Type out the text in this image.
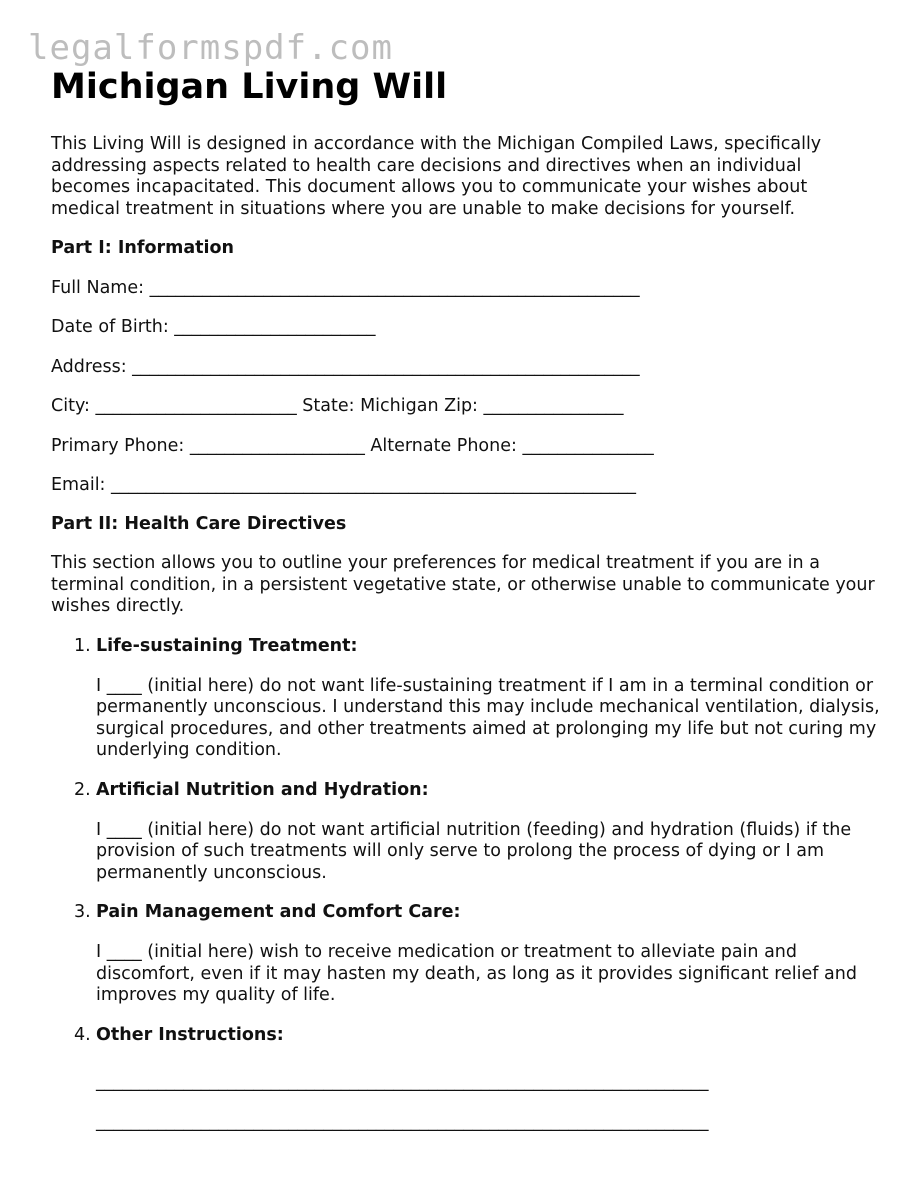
legalformspdf.com
Michigan Living Will

This Living Will is designed in accordance with the Michigan Compiled Laws, specifically addressing aspects related to health care decisions and directives when an individual becomes incapacitated. This document allows you to communicate your wishes about medical treatment in situations where you are unable to make decisions for yourself.

Part I: Information
Full Name: ________________________________________________________
Date of Birth: _______________________
Address: __________________________________________________________
City: _______________________ State: Michigan Zip: ________________
Primary Phone: ____________________ Alternate Phone: _______________
Email: ____________________________________________________________
Part II: Health Care Directives

This section allows you to outline your preferences for medical treatment if you are in a terminal condition, in a persistent vegetative state, or otherwise unable to communicate your wishes directly.

1. Life-sustaining Treatment:
I ____ (initial here) do not want life-sustaining treatment if I am in a terminal condition or permanently unconscious. I understand this may include mechanical ventilation, dialysis, surgical procedures, and other treatments aimed at prolonging my life but not curing my underlying condition.
2. Artificial Nutrition and Hydration:
I ____ (initial here) do not want artificial nutrition (feeding) and hydration (fluids) if the provision of such treatments will only serve to prolong the process of dying or I am permanently unconscious.
3. Pain Management and Comfort Care:
I ____ (initial here) wish to receive medication or treatment to alleviate pain and discomfort, even if it may hasten my death, as long as it provides significant relief and improves my quality of life.
4. Other Instructions:
______________________________________________________________________
______________________________________________________________________
